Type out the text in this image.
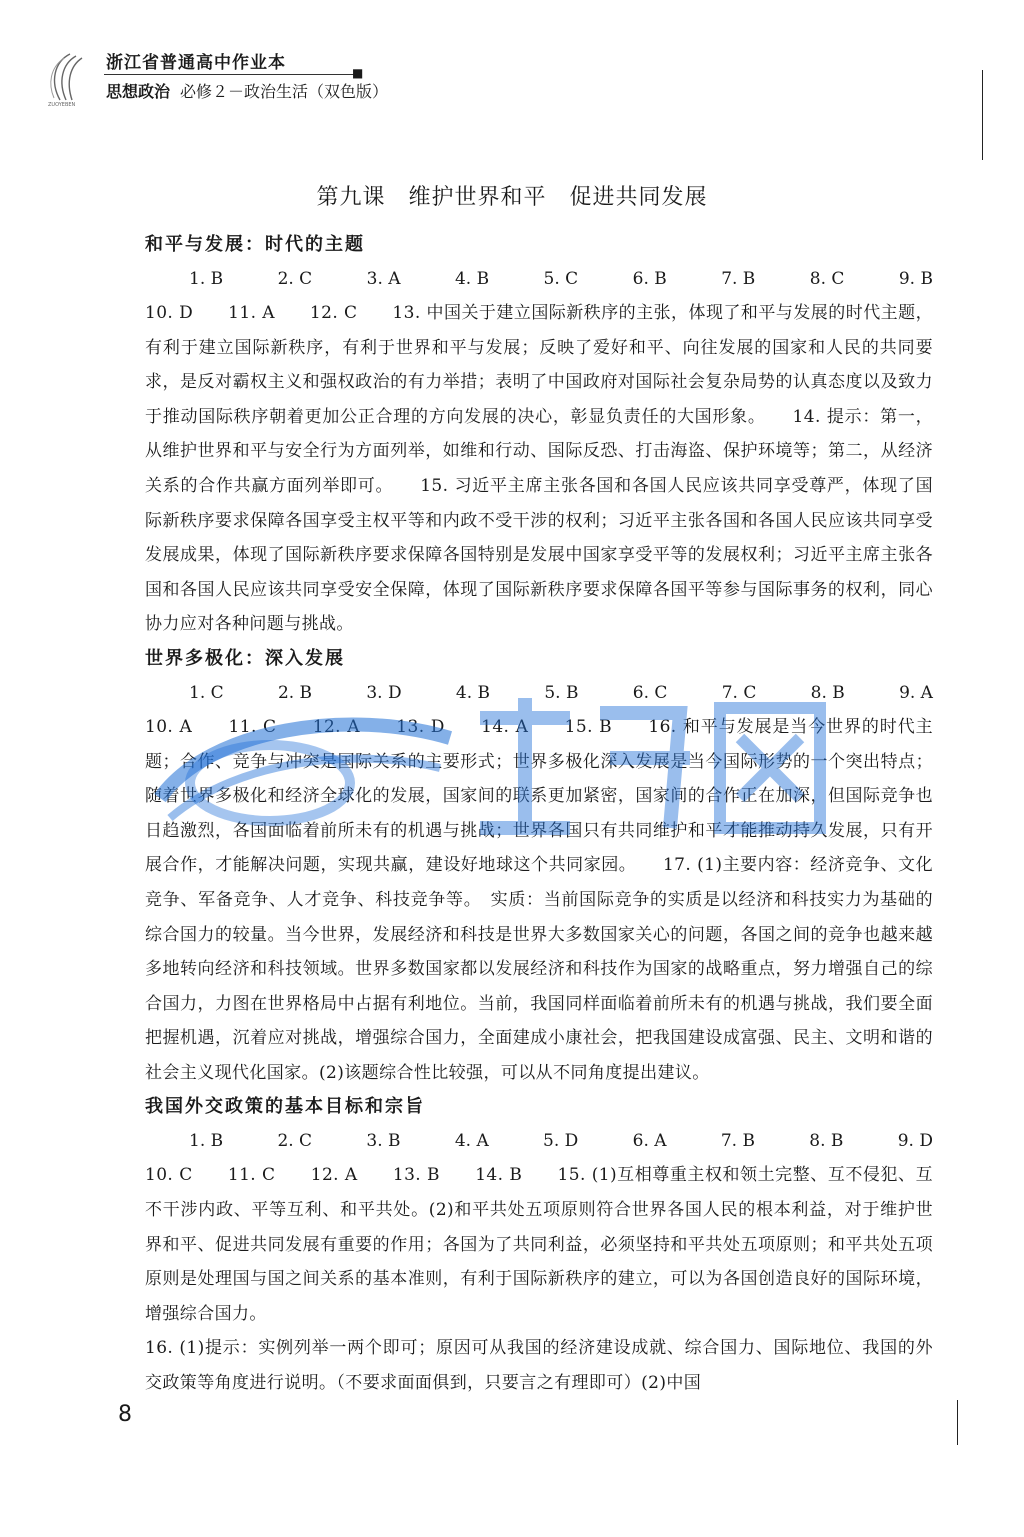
ZUOYEBEN
浙江省普通高中作业本	■
思想政治 必修２－政治生活（双色版）
第九课　维护世界和平　促进共同发展
和平与发展：时代的主题
1. B	2. C	3. A	4. B	5. C	6. B	7. B	8. C	9. B
10. D　　11. A　　12. C　　13. 中国关于建立国际新秩序的主张，体现了和平与发展的时代主题，有利于建立国际新秩序，有利于世界和平与发展；反映了爱好和平、向往发展的国家和人民的共同要求，是反对霸权主义和强权政治的有力举措；表明了中国政府对国际社会复杂局势的认真态度以及致力于推动国际秩序朝着更加公正合理的方向发展的决心，彰显负责任的大国形象。　　14. 提示：第一，从维护世界和平与安全行为方面列举，如维和行动、国际反恐、打击海盗、保护环境等；第二，从经济关系的合作共赢方面列举即可。　　15. 习近平主席主张各国和各国人民应该共同享受尊严，体现了国际新秩序要求保障各国享受主权平等和内政不受干涉的权利；习近平主张各国和各国人民应该共同享受发展成果，体现了国际新秩序要求保障各国特别是发展中国家享受平等的发展权利；习近平主席主张各国和各国人民应该共同享受安全保障，体现了国际新秩序要求保障各国平等参与国际事务的权利，同心协力应对各种问题与挑战。
世界多极化：深入发展
1. C	2. B	3. D	4. B	5. B	6. C	7. C	8. B	9. A
10. A　　11. C　　12. A　　13. D　　14. A　　15. B　　16. 和平与发展是当今世界的时代主题；合作、竞争与冲突是国际关系的主要形式；世界多极化深入发展是当今国际形势的一个突出特点；随着世界多极化和经济全球化的发展，国家间的联系更加紧密，国家间的合作正在加深，但国际竞争也日趋激烈，各国面临着前所未有的机遇与挑战；世界各国只有共同维护和平才能推动持久发展，只有开展合作，才能解决问题，实现共赢，建设好地球这个共同家园。　　17. (1)主要内容：经济竞争、文化竞争、军备竞争、人才竞争、科技竞争等。　实质：当前国际竞争的实质是以经济和科技实力为基础的综合国力的较量。当今世界，发展经济和科技是世界大多数国家关心的问题，各国之间的竞争也越来越多地转向经济和科技领域。世界多数国家都以发展经济和科技作为国家的战略重点，努力增强自己的综合国力，力图在世界格局中占据有利地位。当前，我国同样面临着前所未有的机遇与挑战，我们要全面把握机遇，沉着应对挑战，增强综合国力，全面建成小康社会，把我国建设成富强、民主、文明和谐的社会主义现代化国家。(2)该题综合性比较强，可以从不同角度提出建议。
我国外交政策的基本目标和宗旨
1. B	2. C	3. B	4. A	5. D	6. A	7. B	8. B	9. D
10. C　　11. C　　12. A　　13. B　　14. B　　15. (1)互相尊重主权和领土完整、互不侵犯、互不干涉内政、平等互利、和平共处。(2)和平共处五项原则符合世界各国人民的根本利益，对于维护世界和平、促进共同发展有重要的作用；各国为了共同利益，必须坚持和平共处五项原则；和平共处五项原则是处理国与国之间关系的基本准则，有利于国际新秩序的建立，可以为各国创造良好的国际环境，增强综合国力。
16. (1)提示：实例列举一两个即可；原因可从我国的经济建设成就、综合国力、国际地位、我国的外交政策等角度进行说明。（不要求面面俱到，只要言之有理即可）(2)中国
8
